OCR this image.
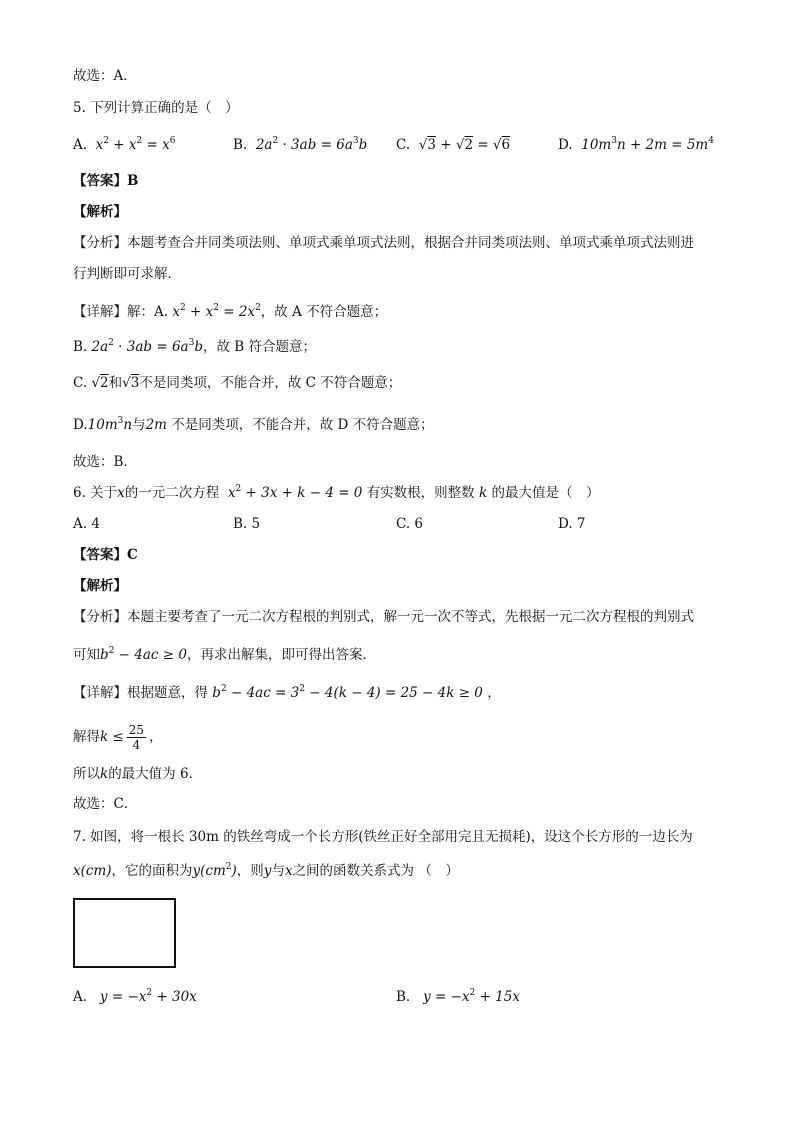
故选：A．
5. 下列计算正确的是（　）
A. $x^2 + x^2 = x^6$	B. $2a^2 \cdot 3ab = 6a^3b$ C. √3 + √2 = √6	D. $10m^3n + 2m = 5m^4$
【答案】B
【解析】
【分析】本题考查合并同类项法则、单项式乘单项式法则，根据合并同类项法则、单项式乘单项式法则进
行判断即可求解．
【详解】解：A. $x^2 + x^2 = 2x^2$，故 A 不符合题意；
B. $2a^2 \cdot 3ab = 6a^3b$，故 B 符合题意；
C. √2和√3不是同类项，不能合并，故 C 不符合题意；
$D.10m^3n$与2m 不是同类项，不能合并，故 D 不符合题意；
故选：B．
6. 关于x的一元二次方程 $x^2 + 3x + k - 4 = 0$ 有实数根，则整数 k 的最大值是（　）
A. 4	B. 5	C. 6	D. 7
【答案】C
【解析】
【分析】本题主要考查了一元二次方程根的判别式，解一元一次不等式，先根据一元二次方程根的判别式
可知$b^2 - 4ac \ge 0$，再求出解集，即可得出答案．
【详解】根据题意，得 $b^2 - 4ac = 3^2 - 4(k - 4) = 25 - 4k \ge 0$ ，
解得$k \le \frac{25}{4}$ ，
所以k的最大值为 6．
故选：C．
7. 如图，将一根长 30m 的铁丝弯成一个长方形(铁丝正好全部用完且无损耗)，设这个长方形的一边长为
x(cm)，它的面积为$y(cm^2)$，则y与x之间的函数关系式为 （　）
A. $y = -x^2 + 30x$	B. $y = -x^2 + 15x$
